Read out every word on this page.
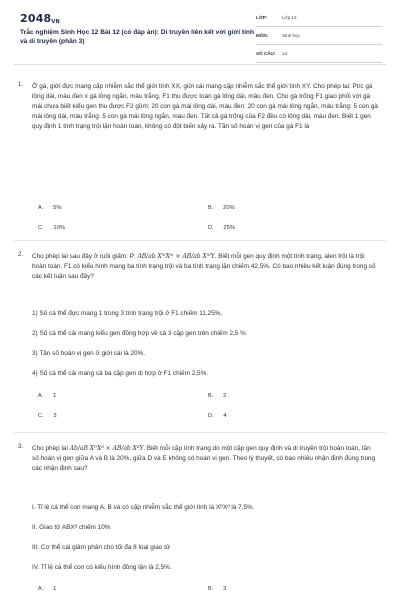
$2048_{VN}$
Trắc nghiệm Sinh Học 12 Bài 12 (có đáp án): Di truyền liên kết với giới tính và di truyền (phần 3)
LỚP:	Lớp 12
MÔN:	Sinh học
SỐ CÂU: 14
1. Ở gà, giới đực mang cặp nhiễm sắc thể giới tính XX, giới cái mang cặp nhiễm sắc thể giới tính XY. Cho phép lai: Pt/c gà lông dài, màu đen x gà lông ngắn, màu trắng, F1 thu được toàn gà lông dài, màu đen. Cho gà trống F1 giao phối với gà mái chưa biết kiểu gen thu được F2 gồm: 20 con gà mái lông dài, màu đen: 20 con gà mái lông ngắn, màu trắng: 5 con gà mái lông dài, màu trắng: 5 con gà mái lông ngắn, màu đen. Tất cả gà trống của F2 đều có lông dài, màu đen. Biết 1 gen quy định 1 tính trạng trội lặn hoàn toàn, không có đột biến xảy ra. Tần số hoán vị gen của gà F1 là
A. 5%	B. 20%
C. 10%	D. 25%
2. Cho phép lai sau đây ở ruồi giấm: P: AB/ab XᴹXᵐ × AB/ab XᴹY. Biết mỗi gen quy định một tính trạng, alen trội là trội hoàn toàn, F1 có kiểu hình mang ba tính trạng trội và ba tính trạng lặn chiếm 42,5%. Có bao nhiêu kết luận đúng trong số các kết luận sau đây?
1) Số cá thể đực mang 1 trong 3 tính trạng trội ở F1 chiếm 11,25%.
2) Số cá thể cái mang kiểu gen đồng hợp về cả 3 cặp gen trên chiếm 2,5 %
3) Tần số hoán vị gen ở giới cái là 20%.
4) Số cá thể cái mang cả ba cặp gen dị hợp ở F1 chiếm 2,5%.
A. 1	B. 2
C. 3	D. 4
3. Cho phép lai Ab/aB XᴰXᵈ × AB/ab XᵈY. Biết mỗi cặp tính trạng do một cặp gen quy định và di truyền trội hoàn toàn, tần số hoán vị gen giữa A và B là 20%, giữa D và E không có hoán vị gen. Theo lý thuyết, có bao nhiêu nhận định đúng trong các nhận định sau?
I. Tỉ lệ cá thể con mang A, B và có cặp nhiễm sắc thể giới tính là XᴰXᵈ là 7,5%.
II. Giao tử ABXᵈ chiếm 10%
III. Cơ thể cái giảm phân cho tối đa 8 loại giao tử
IV. Tỉ lệ cá thể con có kiểu hình đồng lặn là 2,5%.
A. 1	B. 3
